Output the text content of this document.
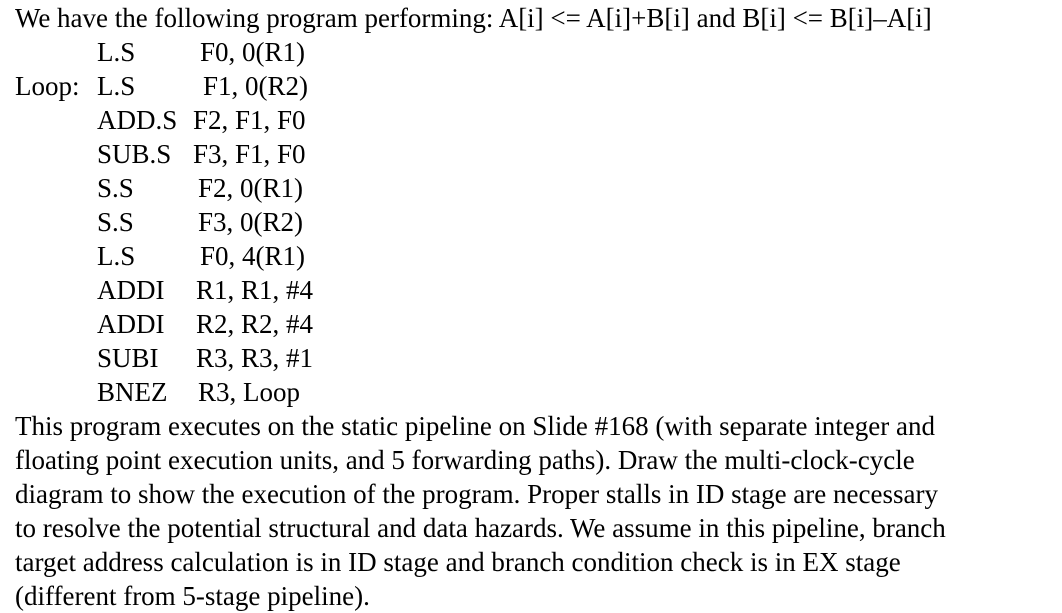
We have the following program performing: A[i] <= A[i]+B[i] and B[i] <= B[i]–A[i]
L.S F0, 0(R1)
Loop: L.S	F1, 0(R2)
ADD.S F2, F1, F0
SUB.S F3, F1, F0
S.S F2, 0(R1)
S.S F3, 0(R2)
L.S F0, 4(R1)
ADDI R1, R1, #4
ADDI R2, R2, #4
SUBI R3, R3, #1
BNEZ R3, Loop
This program executes on the static pipeline on Slide #168 (with separate integer and
floating point execution units, and 5 forwarding paths). Draw the multi-clock-cycle
diagram to show the execution of the program. Proper stalls in ID stage are necessary
to resolve the potential structural and data hazards. We assume in this pipeline, branch
target address calculation is in ID stage and branch condition check is in EX stage
(different from 5-stage pipeline).
